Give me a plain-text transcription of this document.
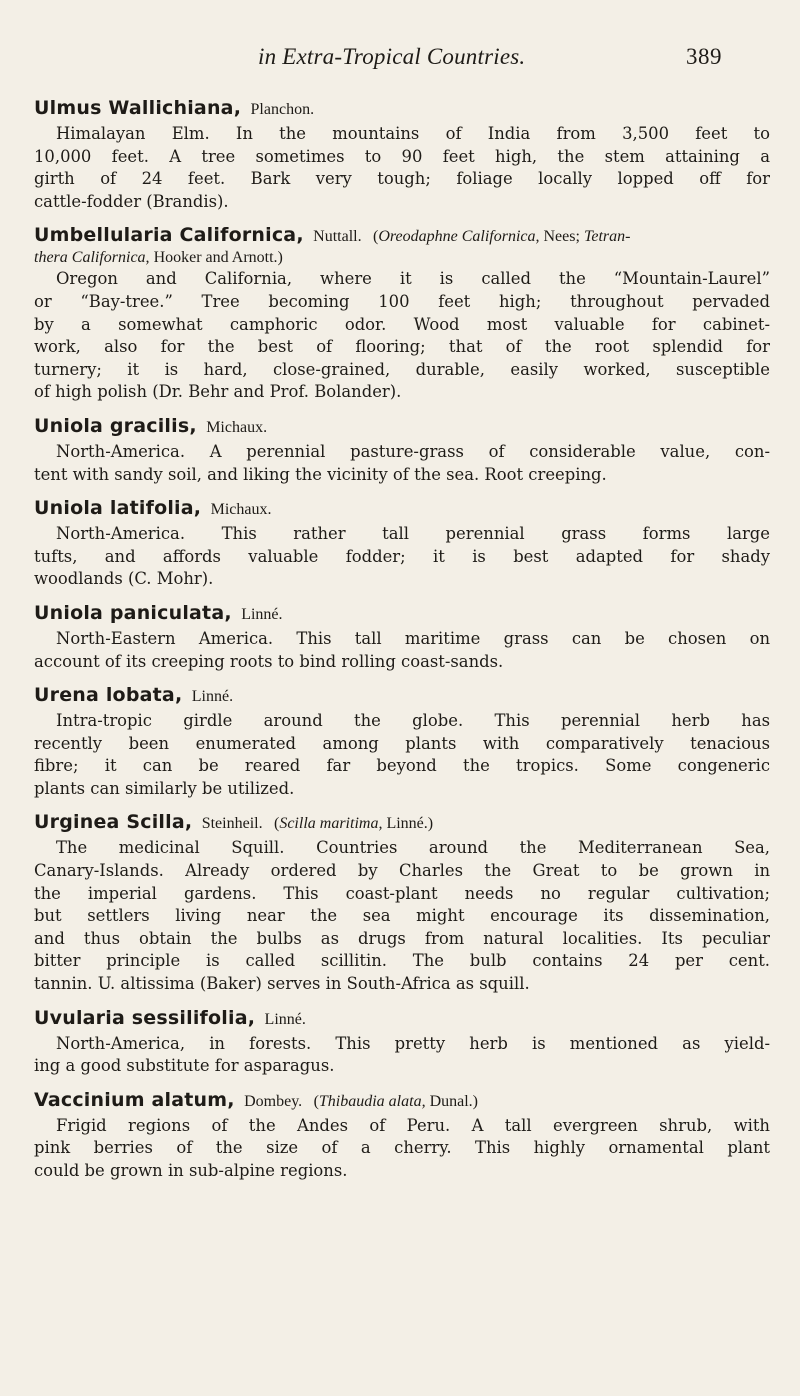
in Extra-Tropical Countries.	389
Ulmus Wallichiana, Planchon.
Himalayan Elm. In the mountains of India from 3,500 feet to
10,000 feet. A tree sometimes to 90 feet high, the stem attaining a
girth of 24 feet. Bark very tough; foliage locally lopped off for
cattle-fodder (Brandis).
Umbellularia Californica, Nuttall. (Oreodaphne Californica, Nees; Tetran-
thera Californica, Hooker and Arnott.)
Oregon and California, where it is called the “Mountain-Laurel”
or “Bay-tree.” Tree becoming 100 feet high; throughout pervaded
by a somewhat camphoric odor. Wood most valuable for cabinet-
work, also for the best of flooring; that of the root splendid for
turnery; it is hard, close-grained, durable, easily worked, susceptible
of high polish (Dr. Behr and Prof. Bolander).
Uniola gracilis, Michaux.
North-America. A perennial pasture-grass of considerable value, con-
tent with sandy soil, and liking the vicinity of the sea. Root creeping.
Uniola latifolia, Michaux.
North-America. This rather tall perennial grass forms large
tufts, and affords valuable fodder; it is best adapted for shady
woodlands (C. Mohr).
Uniola paniculata, Linné.
North-Eastern America. This tall maritime grass can be chosen on
account of its creeping roots to bind rolling coast-sands.
Urena lobata, Linné.
Intra-tropic girdle around the globe. This perennial herb has
recently been enumerated among plants with comparatively tenacious
fibre; it can be reared far beyond the tropics. Some congeneric
plants can similarly be utilized.
Urginea Scilla, Steinheil. (Scilla maritima, Linné.)
The medicinal Squill. Countries around the Mediterranean Sea,
Canary-Islands. Already ordered by Charles the Great to be grown in
the imperial gardens. This coast-plant needs no regular cultivation;
but settlers living near the sea might encourage its dissemination,
and thus obtain the bulbs as drugs from natural localities. Its peculiar
bitter principle is called scillitin. The bulb contains 24 per cent.
tannin. U. altissima (Baker) serves in South-Africa as squill.
Uvularia sessilifolia, Linné.
North-America, in forests. This pretty herb is mentioned as yield-
ing a good substitute for asparagus.
Vaccinium alatum, Dombey. (Thibaudia alata, Dunal.)
Frigid regions of the Andes of Peru. A tall evergreen shrub, with
pink berries of the size of a cherry. This highly ornamental plant
could be grown in sub-alpine regions.
